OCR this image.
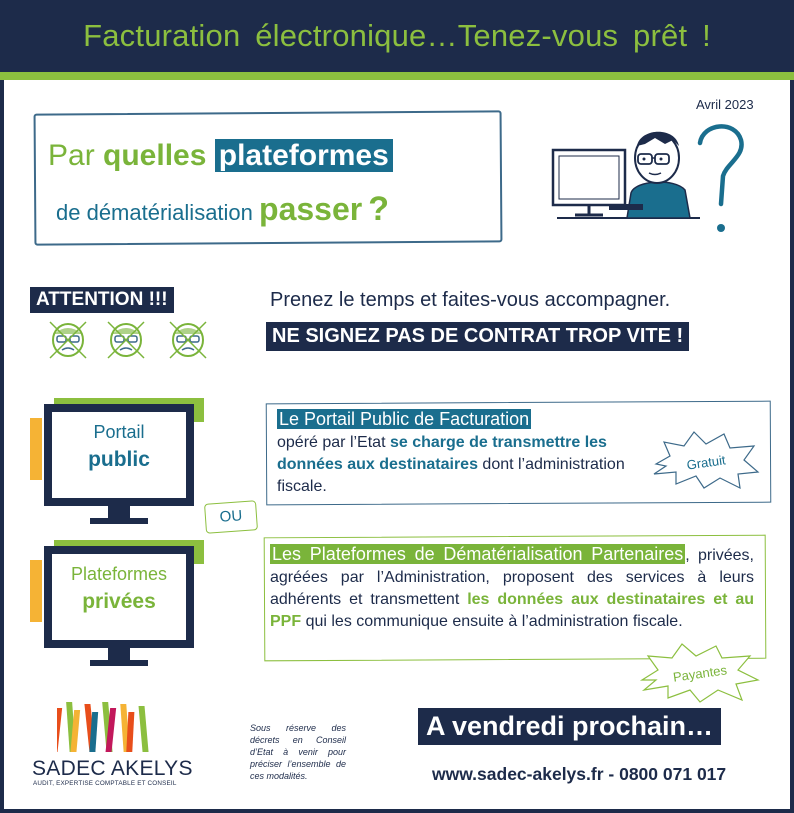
Facturation électronique…Tenez-vous prêt !
Avril 2023
Par quelles plateformes
de dématérialisation passer ?
ATTENTION !!!	Prenez le temps et faites-vous accompagner.
NE SIGNEZ PAS DE CONTRAT TROP VITE !
Portail
public
Plateformes
privées
OU
Le Portail Public de Facturation
opéré par l’Etat se charge de transmettre les données aux destinataires dont l’administration fiscale.
Gratuit
Les Plateformes de Dématérialisation Partenaires , privées, agréées par l’Administration, proposent des services à leurs adhérents et transmettent les données aux destinataires et au PPF qui les communique ensuite à l’administration fiscale.
Payantes
SADEC AKELYS
AUDIT, EXPERTISE COMPTABLE ET CONSEIL
Sous réserve des décrets en Conseil d’Etat à venir pour préciser l’ensemble de ces modalités.
A vendredi prochain…
www.sadec-akelys.fr - 0800 071 017
